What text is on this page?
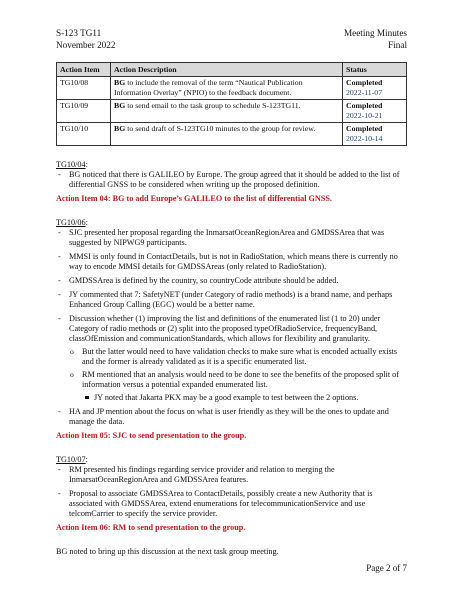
S-123 TG11
November 2022
Meeting Minutes
Final
Action Item	Action Description	Status
TG10/08	BG to include the removal of the term “Nautical Publication Information Overlay” (NPIO) to the feedback document.	Completed
2022-11-07

TG10/09	BG to send email to the task group to schedule S-123TG11.	Completed
2022-10-21

TG10/10	BG to send draft of S-123TG10 minutes to the group for review.	Completed
2022-10-14
TG10/04:
- BG noticed that there is GALILEO by Europe. The group agreed that it should be added to the list of differential GNSS to be considered when writing up the proposed definition.
Action Item 04: BG to add Europe’s GALILEO to the list of differential GNSS.
TG10/06:
- SJC presented her proposal regarding the InmarsatOceanRegionArea and GMDSSArea that was suggested by NIPWG9 participants.
- MMSI is only found in ContactDetails, but is not in RadioStation, which means there is currently no way to encode MMSI details for GMDSSAreas (only related to RadioStation).
- GMDSSArea is defined by the country, so countryCode attribute should be added.
- JY commented that 7: SafetyNET (under Category of radio methods) is a brand name, and perhaps Enhanced Group Calling (EGC) would be a better name.
- Discussion whether (1) improving the list and definitions of the enumerated list (1 to 20) under Category of radio methods or (2) split into the proposed typeOfRadioService, frequencyBand, classOfEmission and communicationStandards, which allows for flexibility and granularity.
o But the latter would need to have validation checks to make sure what is encoded actually exists and the former is already validated as it is a specific enumerated list.
o RM mentioned that an analysis would need to be done to see the benefits of the proposed split of information versus a potential expanded enumerated list.
JY noted that Jakarta PKX may be a good example to test between the 2 options.
- HA and JP mention about the focus on what is user friendly as they will be the ones to update and manage the data.
Action Item 05: SJC to send presentation to the group.
TG10/07:
- RM presented his findings regarding service provider and relation to merging the InmarsatOceanRegionArea and GMDSSArea features.
- Proposal to associate GMDSSArea to ContactDetails, possibly create a new Authority that is associated with GMDSSArea, extend enumerations for telecommunicationService and use telcomCarrier to specify the service provider.
Action Item 06: RM to send presentation to the group.
BG noted to bring up this discussion at the next task group meeting.
Page 2 of 7
